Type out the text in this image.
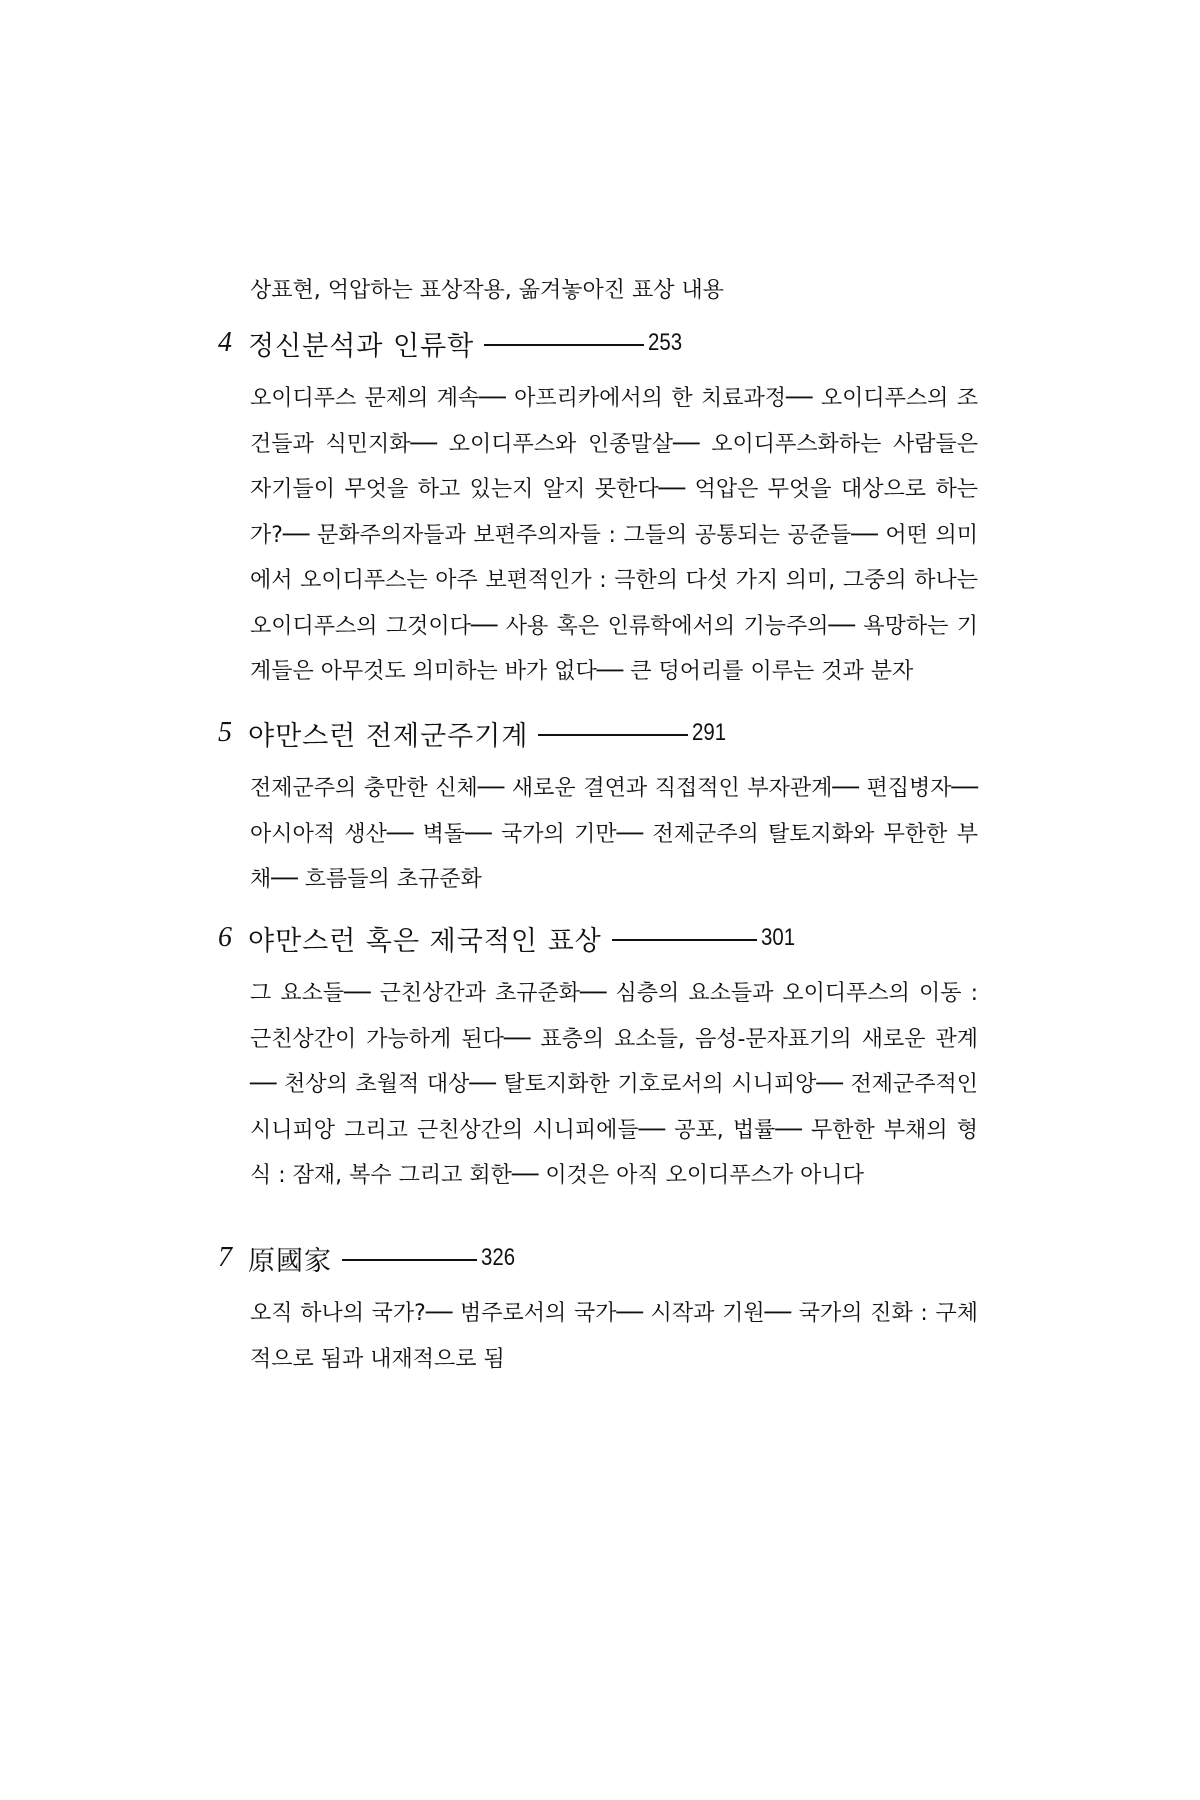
상표현, 억압하는 표상작용, 옮겨놓아진 표상 내용

4 정신분석과 인류학	253

오이디푸스 문제의 계속── 아프리카에서의 한 치료과정── 오이디푸스의 조건들과 식민지화── 오이디푸스와 인종말살── 오이디푸스화하는 사람들은 자기들이 무엇을 하고 있는지 알지 못한다── 억압은 무엇을 대상으로 하는가?── 문화주의자들과 보편주의자들 : 그들의 공통되는 공준들── 어떤 의미에서 오이디푸스는 아주 보편적인가 : 극한의 다섯 가지 의미, 그중의 하나는 오이디푸스의 그것이다── 사용 혹은 인류학에서의 기능주의── 욕망하는 기계들은 아무것도 의미하는 바가 없다── 큰 덩어리를 이루는 것과 분자

5 야만스런 전제군주기계	291

전제군주의 충만한 신체── 새로운 결연과 직접적인 부자관계── 편집병자── 아시아적 생산── 벽돌── 국가의 기만── 전제군주의 탈토지화와 무한한 부채── 흐름들의 초규준화

6 야만스런 혹은 제국적인 표상	301

그 요소들── 근친상간과 초규준화── 심층의 요소들과 오이디푸스의 이동 : 근친상간이 가능하게 된다── 표층의 요소들, 음성-문자표기의 새로운 관계── 천상의 초월적 대상── 탈토지화한 기호로서의 시니피앙── 전제군주적인 시니피앙 그리고 근친상간의 시니피에들── 공포, 법률── 무한한 부채의 형식 : 잠재, 복수 그리고 회한── 이것은 아직 오이디푸스가 아니다

7 原國家	326

오직 하나의 국가?── 범주로서의 국가── 시작과 기원── 국가의 진화 : 구체적으로 됨과 내재적으로 됨
